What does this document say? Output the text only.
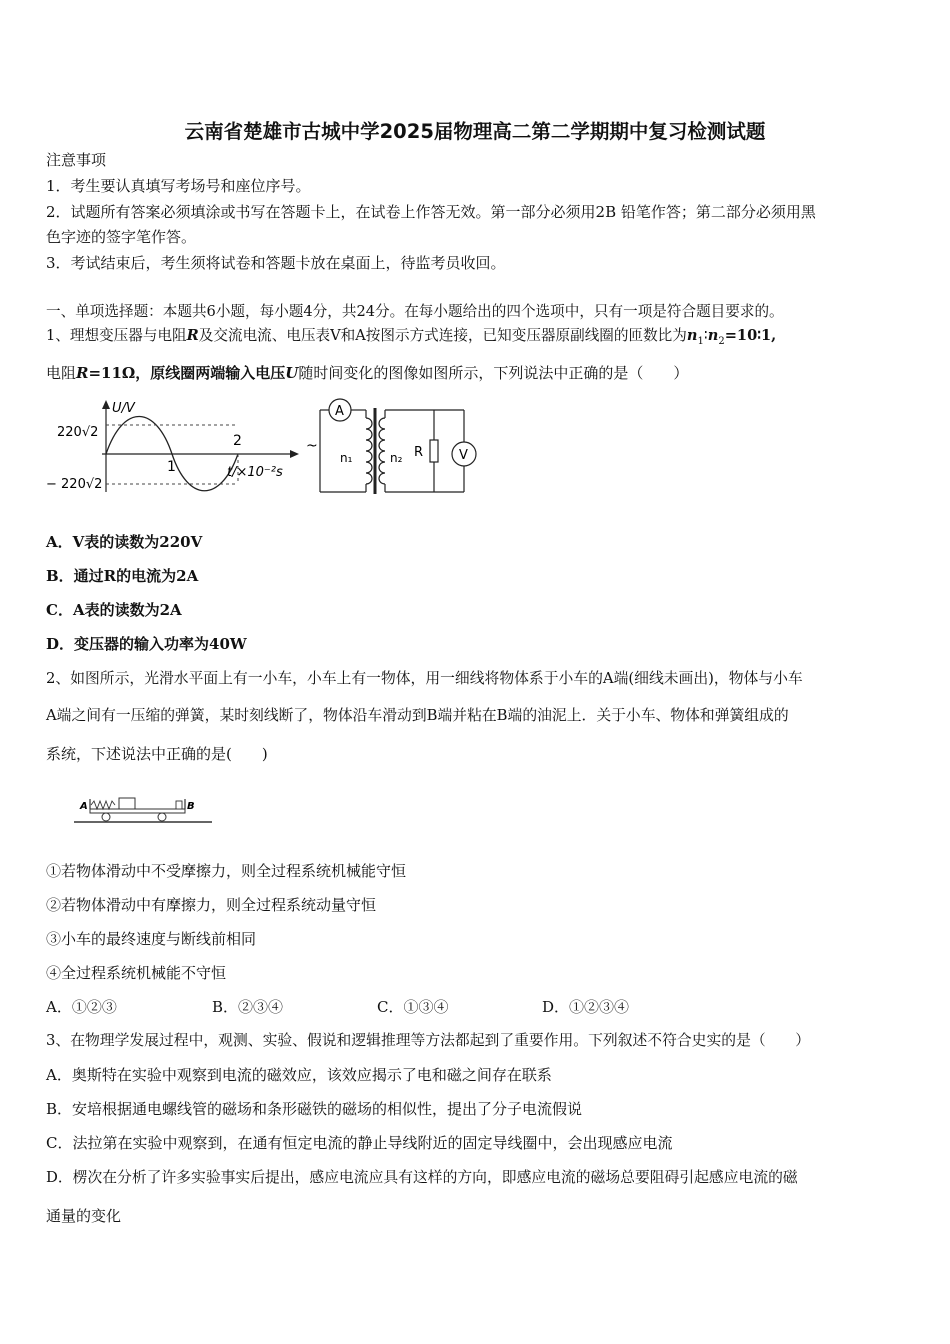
云南省楚雄市古城中学2025届物理高二第二学期期中复习检测试题
注意事项
1．考生要认真填写考场号和座位序号。
2．试题所有答案必须填涂或书写在答题卡上，在试卷上作答无效。第一部分必须用2B 铅笔作答；第二部分必须用黑
色字迹的签字笔作答。
3．考试结束后，考生须将试卷和答题卡放在桌面上，待监考员收回。
一、单项选择题：本题共6小题，每小题4分，共24分。在每小题给出的四个选项中，只有一项是符合题目要求的。
1、理想变压器与电阻R及交流电流、电压表V和A按图示方式连接，已知变压器原副线圈的匝数比为$n_1∶n_2=10∶1$,
电阻R=11Ω，原线圈两端输入电压U随时间变化的图像如图所示，下列说法中正确的是（　　）
U/V
220√2
− 220√2
1
2
t/×10⁻²s
A
~
n₁	n₂ R	V
A．V表的读数为220V
B．通过R的电流为2A
C．A表的读数为2A
D．变压器的输入功率为40W
2、如图所示，光滑水平面上有一小车，小车上有一物体，用一细线将物体系于小车的A端(细线未画出)，物体与小车
A端之间有一压缩的弹簧，某时刻线断了，物体沿车滑动到B端并粘在B端的油泥上．关于小车、物体和弹簧组成的
系统，下述说法中正确的是(　　)
A	B
①若物体滑动中不受摩擦力，则全过程系统机械能守恒
②若物体滑动中有摩擦力，则全过程系统动量守恒
③小车的最终速度与断线前相同
④全过程系统机械能不守恒
A．①②③	B．②③④	C．①③④	D．①②③④
3、在物理学发展过程中，观测、实验、假说和逻辑推理等方法都起到了重要作用。下列叙述不符合史实的是（　　）
A．奥斯特在实验中观察到电流的磁效应，该效应揭示了电和磁之间存在联系
B．安培根据通电螺线管的磁场和条形磁铁的磁场的相似性，提出了分子电流假说
C．法拉第在实验中观察到，在通有恒定电流的静止导线附近的固定导线圈中，会出现感应电流
D．楞次在分析了许多实验事实后提出，感应电流应具有这样的方向，即感应电流的磁场总要阻碍引起感应电流的磁
通量的变化
